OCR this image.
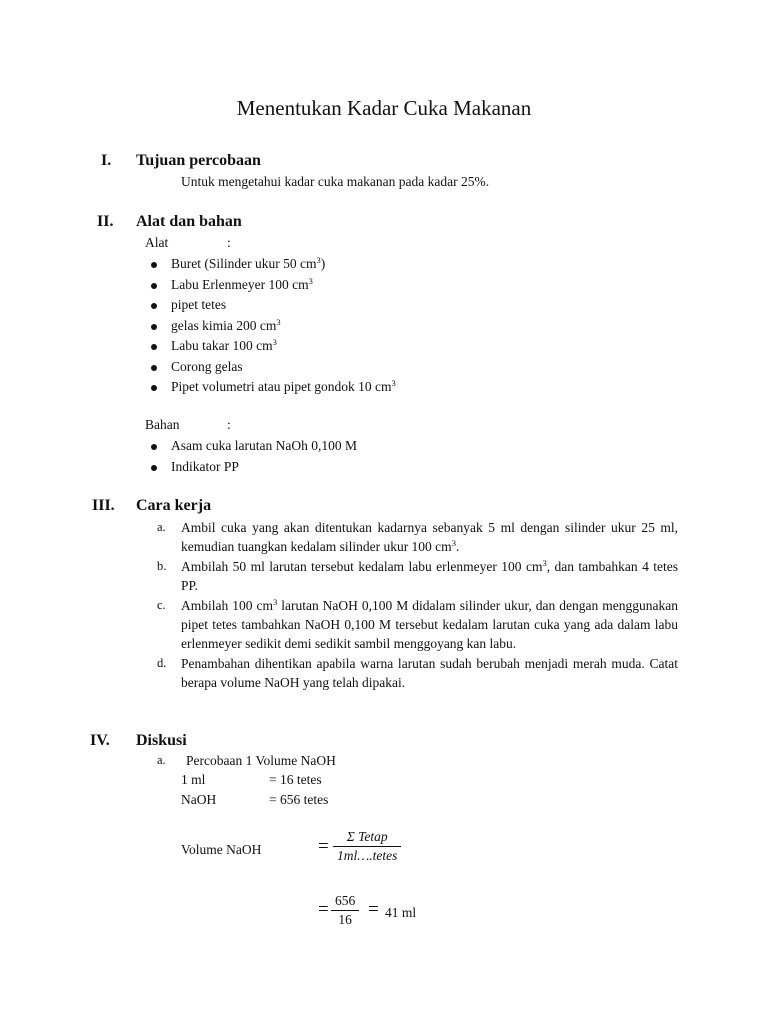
Menentukan Kadar Cuka Makanan
I. Tujuan percobaan
Untuk mengetahui kadar cuka makanan pada kadar 25%.
II. Alat dan bahan
Alat	:
Buret (Silinder ukur 50 $cm^3$)
Labu Erlenmeyer 100 $cm^3$
pipet tetes
gelas kimia 200 $cm^3$
Labu takar 100 $cm^3$
Corong gelas
Pipet volumetri atau pipet gondok 10 $cm^3$
Bahan	:
Asam cuka larutan NaOh 0,100 M
Indikator PP
III. Cara kerja
a. Ambil cuka yang akan ditentukan kadarnya sebanyak 5 ml dengan silinder ukur 25 ml, kemudian tuangkan kedalam silinder ukur 100 $cm^3$.
b. Ambilah 50 ml larutan tersebut kedalam labu erlenmeyer 100 $cm^3$, dan tambahkan 4 tetes PP.
c. Ambilah 100 $cm^3$ larutan NaOH 0,100 M didalam silinder ukur, dan dengan menggunakan pipet tetes tambahkan NaOH 0,100 M tersebut kedalam larutan cuka yang ada dalam labu erlenmeyer sedikit demi sedikit sambil menggoyang kan labu.
d. Penambahan dihentikan apabila warna larutan sudah berubah menjadi merah muda. Catat berapa volume NaOH yang telah dipakai.
IV. Diskusi
a. Percobaan 1 Volume NaOH
1 ml	= 16 tetes
NaOH	= 656 tetes
Volume NaOH	= $\frac{\text{Σ Tetap}}{\text{1ml….tetes}}$
= $\frac{656}{16} = 41$ ml
